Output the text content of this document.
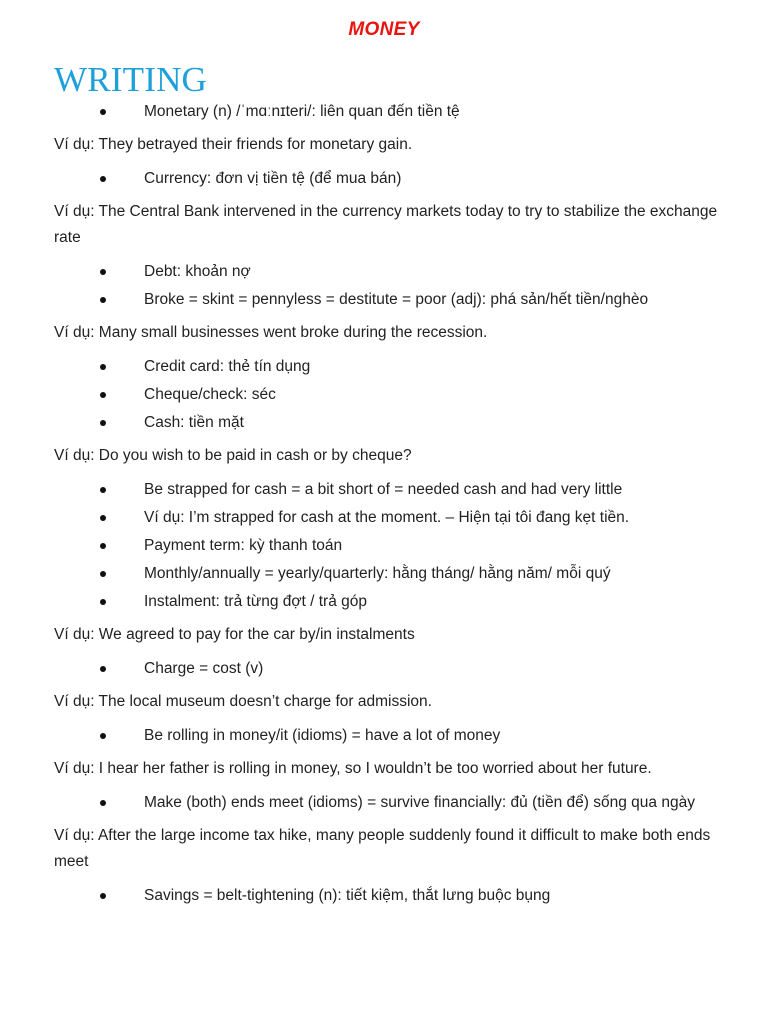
MONEY
WRITING
Monetary (n) /ˈmɑːnɪteri/: liên quan đến tiền tệ
Ví dụ: They betrayed their friends for monetary gain.
Currency: đơn vị tiền tệ (để mua bán)
Ví dụ: The Central Bank intervened in the currency markets today to try to stabilize the exchange rate
Debt: khoản nợ
Broke = skint = pennyless = destitute = poor (adj): phá sản/hết tiền/nghèo
Ví dụ: Many small businesses went broke during the recession.
Credit card: thẻ tín dụng
Cheque/check: séc
Cash: tiền mặt
Ví dụ: Do you wish to be paid in cash or by cheque?
Be strapped for cash = a bit short of = needed cash and had very little
Ví dụ: I’m strapped for cash at the moment. – Hiện tại tôi đang kẹt tiền.
Payment term: kỳ thanh toán
Monthly/annually = yearly/quarterly: hằng tháng/ hằng năm/ mỗi quý
Instalment: trả từng đợt / trả góp
Ví dụ: We agreed to pay for the car by/in instalments
Charge = cost (v)
Ví dụ: The local museum doesn’t charge for admission.
Be rolling in money/it (idioms) = have a lot of money
Ví dụ: I hear her father is rolling in money, so I wouldn’t be too worried about her future.
Make (both) ends meet (idioms) = survive financially: đủ (tiền để) sống qua ngày
Ví dụ: After the large income tax hike, many people suddenly found it difficult to make both ends meet
Savings = belt-tightening (n): tiết kiệm, thắt lưng buộc bụng
